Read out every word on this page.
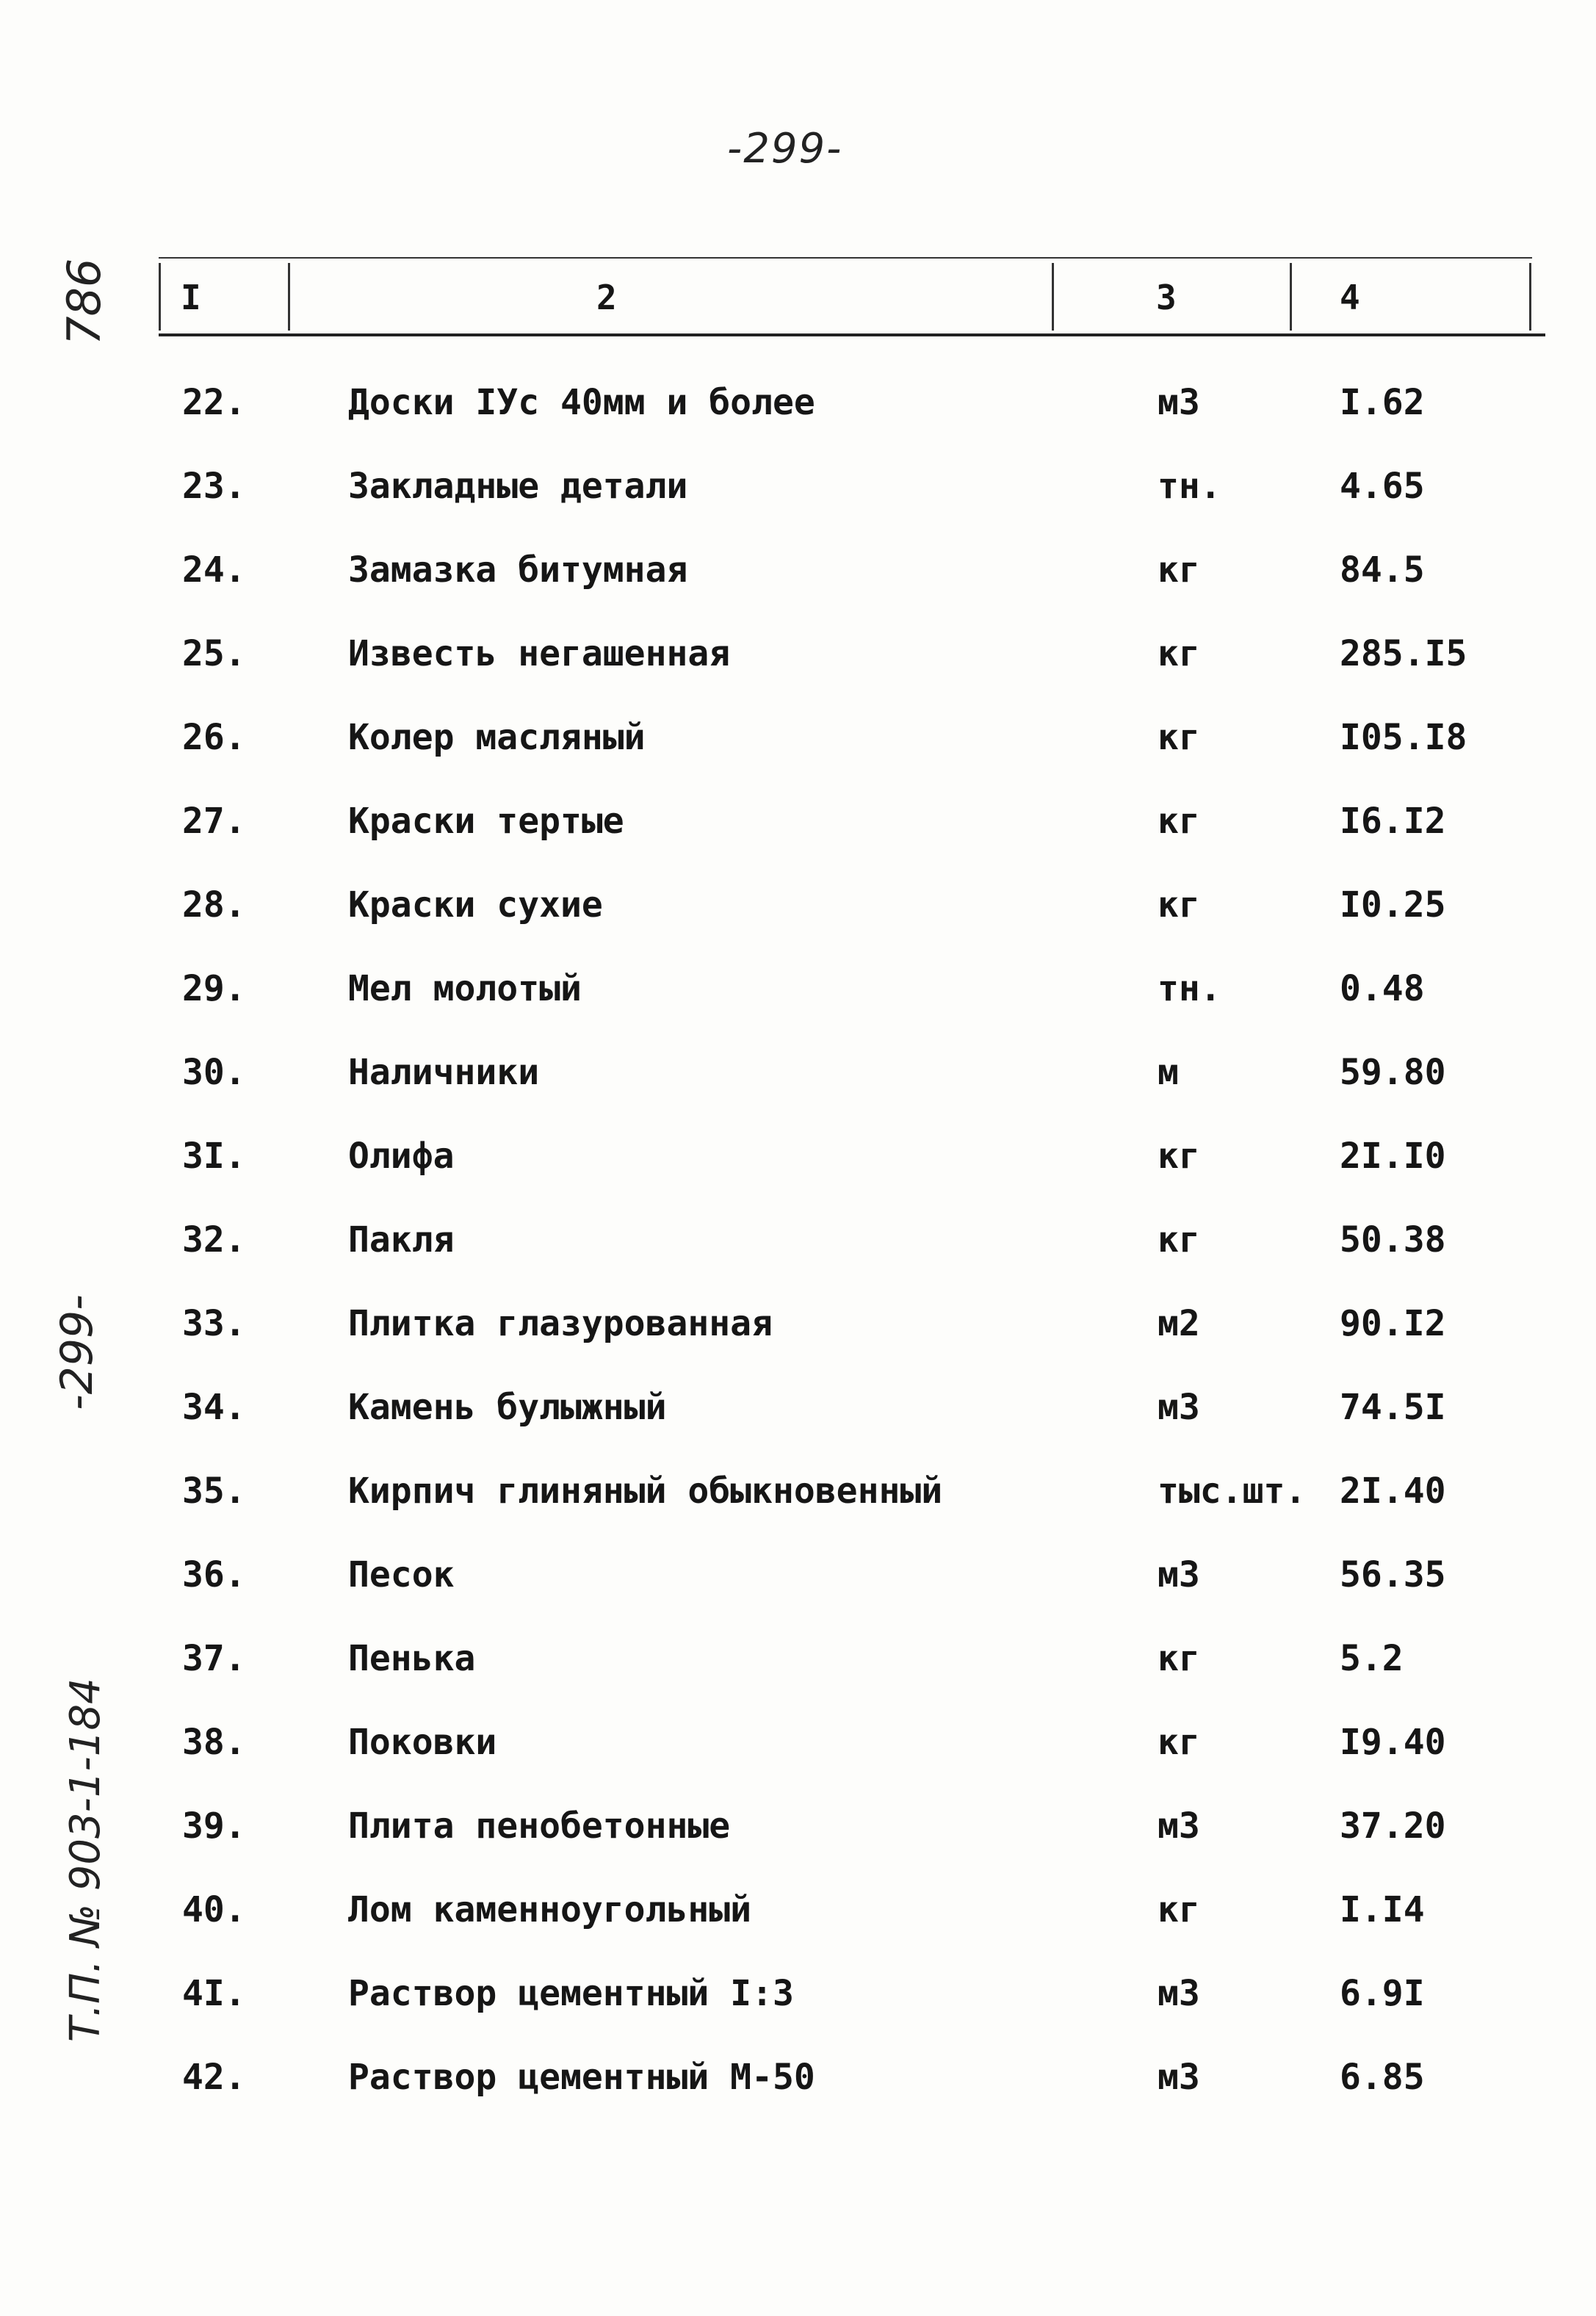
-299-
786
-299-
Т.П. № 903-1-184
I	2	3	4
22.	Доски IУс 40мм и более	м3	I.62
23.	Закладные детали	тн.	4.65
24.	Замазка битумная	кг	84.5
25.	Известь негашенная	кг	285.I5
26.	Колер масляный	кг	I05.I8
27.	Краски тертые	кг	I6.I2
28.	Краски сухие	кг	I0.25
29.	Мел молотый	тн.	0.48
30.	Наличники	м	59.80
3I.	Олифа	кг	2I.I0
32.	Пакля	кг	50.38
33.	Плитка глазурованная	м2	90.I2
34.	Камень булыжный	м3	74.5I
35.	Кирпич глиняный обыкновенный	тыс.шт. 2I.40
36.	Песок	м3	56.35
37.	Пенька	кг	5.2
38.	Поковки	кг	I9.40
39.	Плита пенобетонные	м3	37.20
40.	Лом каменноугольный	кг	I.I4
4I.	Раствор цементный I:3	м3	6.9I
42.	Раствор цементный М-50	м3	6.85
